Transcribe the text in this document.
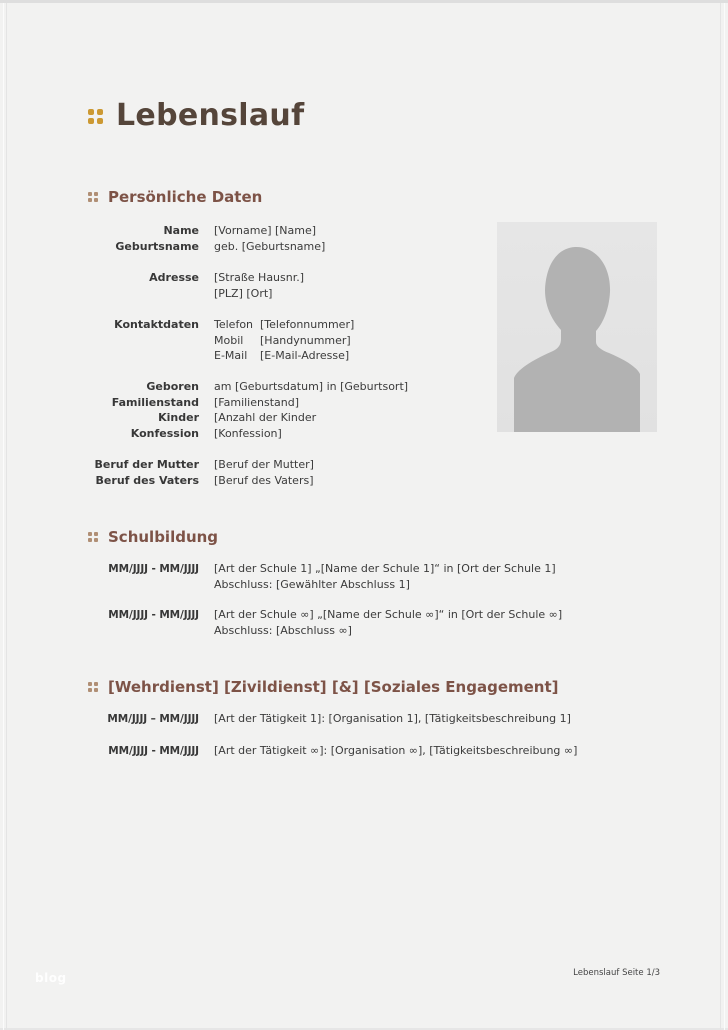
Lebenslauf
Persönliche Daten
Name [Vorname] [Name]
Geburtsname geb. [Geburtsname]
Adresse [Straße Hausnr.]
[PLZ] [Ort]
Kontaktdaten Telefon [Telefonnummer]
Mobil [Handynummer]
E-Mail [E-Mail-Adresse]
Geboren am [Geburtsdatum] in [Geburtsort]
Familienstand [Familienstand]
Kinder [Anzahl der Kinder
Konfession [Konfession]
Beruf der Mutter [Beruf der Mutter]
Beruf des Vaters [Beruf des Vaters]
Schulbildung
MM/JJJJ - MM/JJJJ [Art der Schule 1] „[Name der Schule 1]“ in [Ort der Schule 1]
Abschluss: [Gewählter Abschluss 1]
MM/JJJJ - MM/JJJJ [Art der Schule ∞] „[Name der Schule ∞]“ in [Ort der Schule ∞]
Abschluss: [Abschluss ∞]
[Wehrdienst] [Zivildienst] [&] [Soziales Engagement]
MM/JJJJ – MM/JJJJ [Art der Tätigkeit 1]: [Organisation 1], [Tätigkeitsbeschreibung 1]
MM/JJJJ - MM/JJJJ [Art der Tätigkeit ∞]: [Organisation ∞], [Tätigkeitsbeschreibung ∞]
blog	Lebenslauf Seite 1/3
